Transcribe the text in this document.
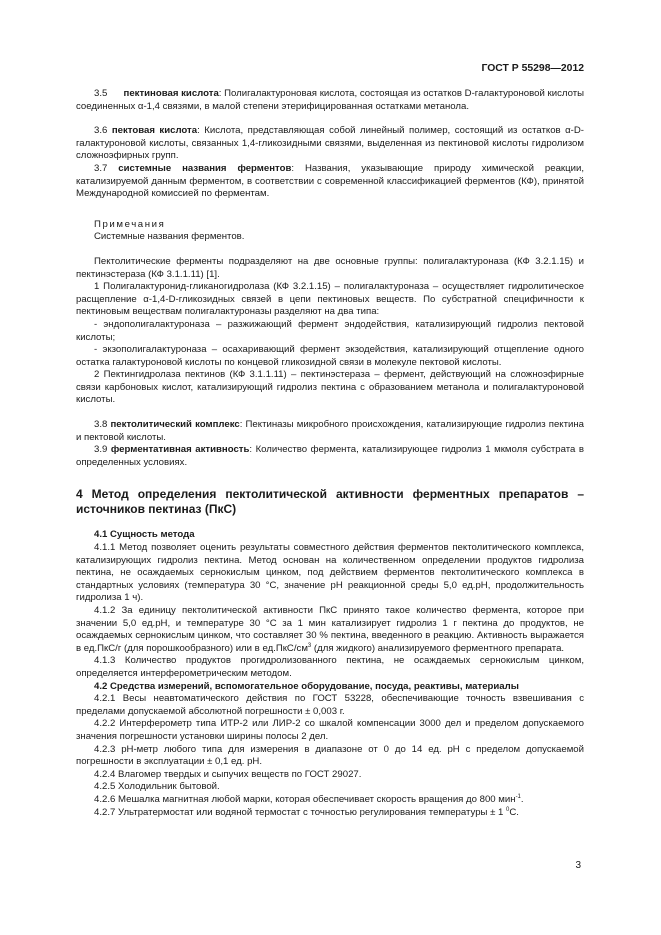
ГОСТ Р 55298—2012

3.5 пектиновая кислота: Полигалактуроновая кислота, состоящая из остатков D-галактуроновой кислоты соединенных α-1,4 связями, в малой степени этерифицированная остатками метанола.

3.6 пектовая кислота: Кислота, представляющая собой линейный полимер, состоящий из остатков α-D-галактуроновой кислоты, связанных 1,4-гликозидными связями, выделенная из пектиновой кислоты гидролизом сложноэфирных групп.

3.7 системные названия ферментов: Названия, указывающие природу химической реакции, катализируемой данным ферментом, в соответствии с современной классификацией ферментов (КФ), принятой Международной комиссией по ферментам.

Примечания

Системные названия ферментов.

Пектолитические ферменты подразделяют на две основные группы: полигалактуроназа (КФ 3.2.1.15) и пектинэстераза (КФ 3.1.1.11) [1].

1 Полигалактуронид-гликаногидролаза (КФ 3.2.1.15) – полигалактуроназа – осуществляет гидролитическое расщепление α-1,4-D-гликозидных связей в цепи пектиновых веществ. По субстратной специфичности к пектиновым веществам полигалактуроназы разделяют на два типа:

- эндополигалактуроназа – разжижающий фермент эндодействия, катализирующий гидролиз пектовой кислоты;

- экзополигалактуроназа – осахаривающий фермент экзодействия, катализирующий отщепление одного остатка галактуроновой кислоты по концевой гликозидной связи в молекуле пектовой кислоты.

2 Пектингидролаза пектинов (КФ 3.1.1.11) – пектинэстераза – фермент, действующий на сложноэфирные связи карбоновых кислот, катализирующий гидролиз пектина с образованием метанола и полигалактуроновой кислоты.

3.8 пектолитический комплекс: Пектиназы микробного происхождения, катализирующие гидролиз пектина и пектовой кислоты.

3.9 ферментативная активность: Количество фермента, катализирующее гидролиз 1 мкмоля субстрата в определенных условиях.

4 Метод определения пектолитической активности ферментных препаратов – источников пектиназ (ПкС)

4.1 Сущность метода

4.1.1 Метод позволяет оценить результаты совместного действия ферментов пектолитического комплекса, катализирующих гидролиз пектина. Метод основан на количественном определении продуктов гидролиза пектина, не осаждаемых сернокислым цинком, под действием ферментов пектолитического комплекса в стандартных условиях (температура 30 °С, значение рН реакционной среды 5,0 ед.рН, продолжительность гидролиза 1 ч).

4.1.2 За единицу пектолитической активности ПкС принято такое количество фермента, которое при значении 5,0 ед.рН, и температуре 30 °С за 1 мин катализирует гидролиз 1 г пектина до продуктов, не осаждаемых сернокислым цинком, что составляет 30 % пектина, введенного в реакцию. Активность выражается в ед.ПкС/г (для порошкообразного) или в $ед.ПкС/см^3$ (для жидкого) анализируемого ферментного препарата.

4.1.3 Количество продуктов прогидролизованного пектина, не осаждаемых сернокислым цинком, определяется интерферометрическим методом.

4.2 Средства измерений, вспомогательное оборудование, посуда, реактивы, материалы

4.2.1 Весы неавтоматического действия по ГОСТ 53228, обеспечивающие точность взвешивания с пределами допускаемой абсолютной погрешности ± 0,003 г.

4.2.2 Интерферометр типа ИТР-2 или ЛИР-2 со шкалой компенсации 3000 дел и пределом допускаемого значения погрешности установки ширины полосы 2 дел.

4.2.3 рН-метр любого типа для измерения в диапазоне от 0 до 14 ед. рН с пределом допускаемой погрешности в эксплуатации ± 0,1 ед. рН.

4.2.4 Влагомер твердых и сыпучих веществ по ГОСТ 29027.

4.2.5 Холодильник бытовой.

4.2.6 Мешалка магнитная любой марки, которая обеспечивает скорость вращения до 800 мин$^{-1}$.

4.2.7 Ультратермостат или водяной термостат с точностью регулирования температуры ± 1 $^0$С.

3
